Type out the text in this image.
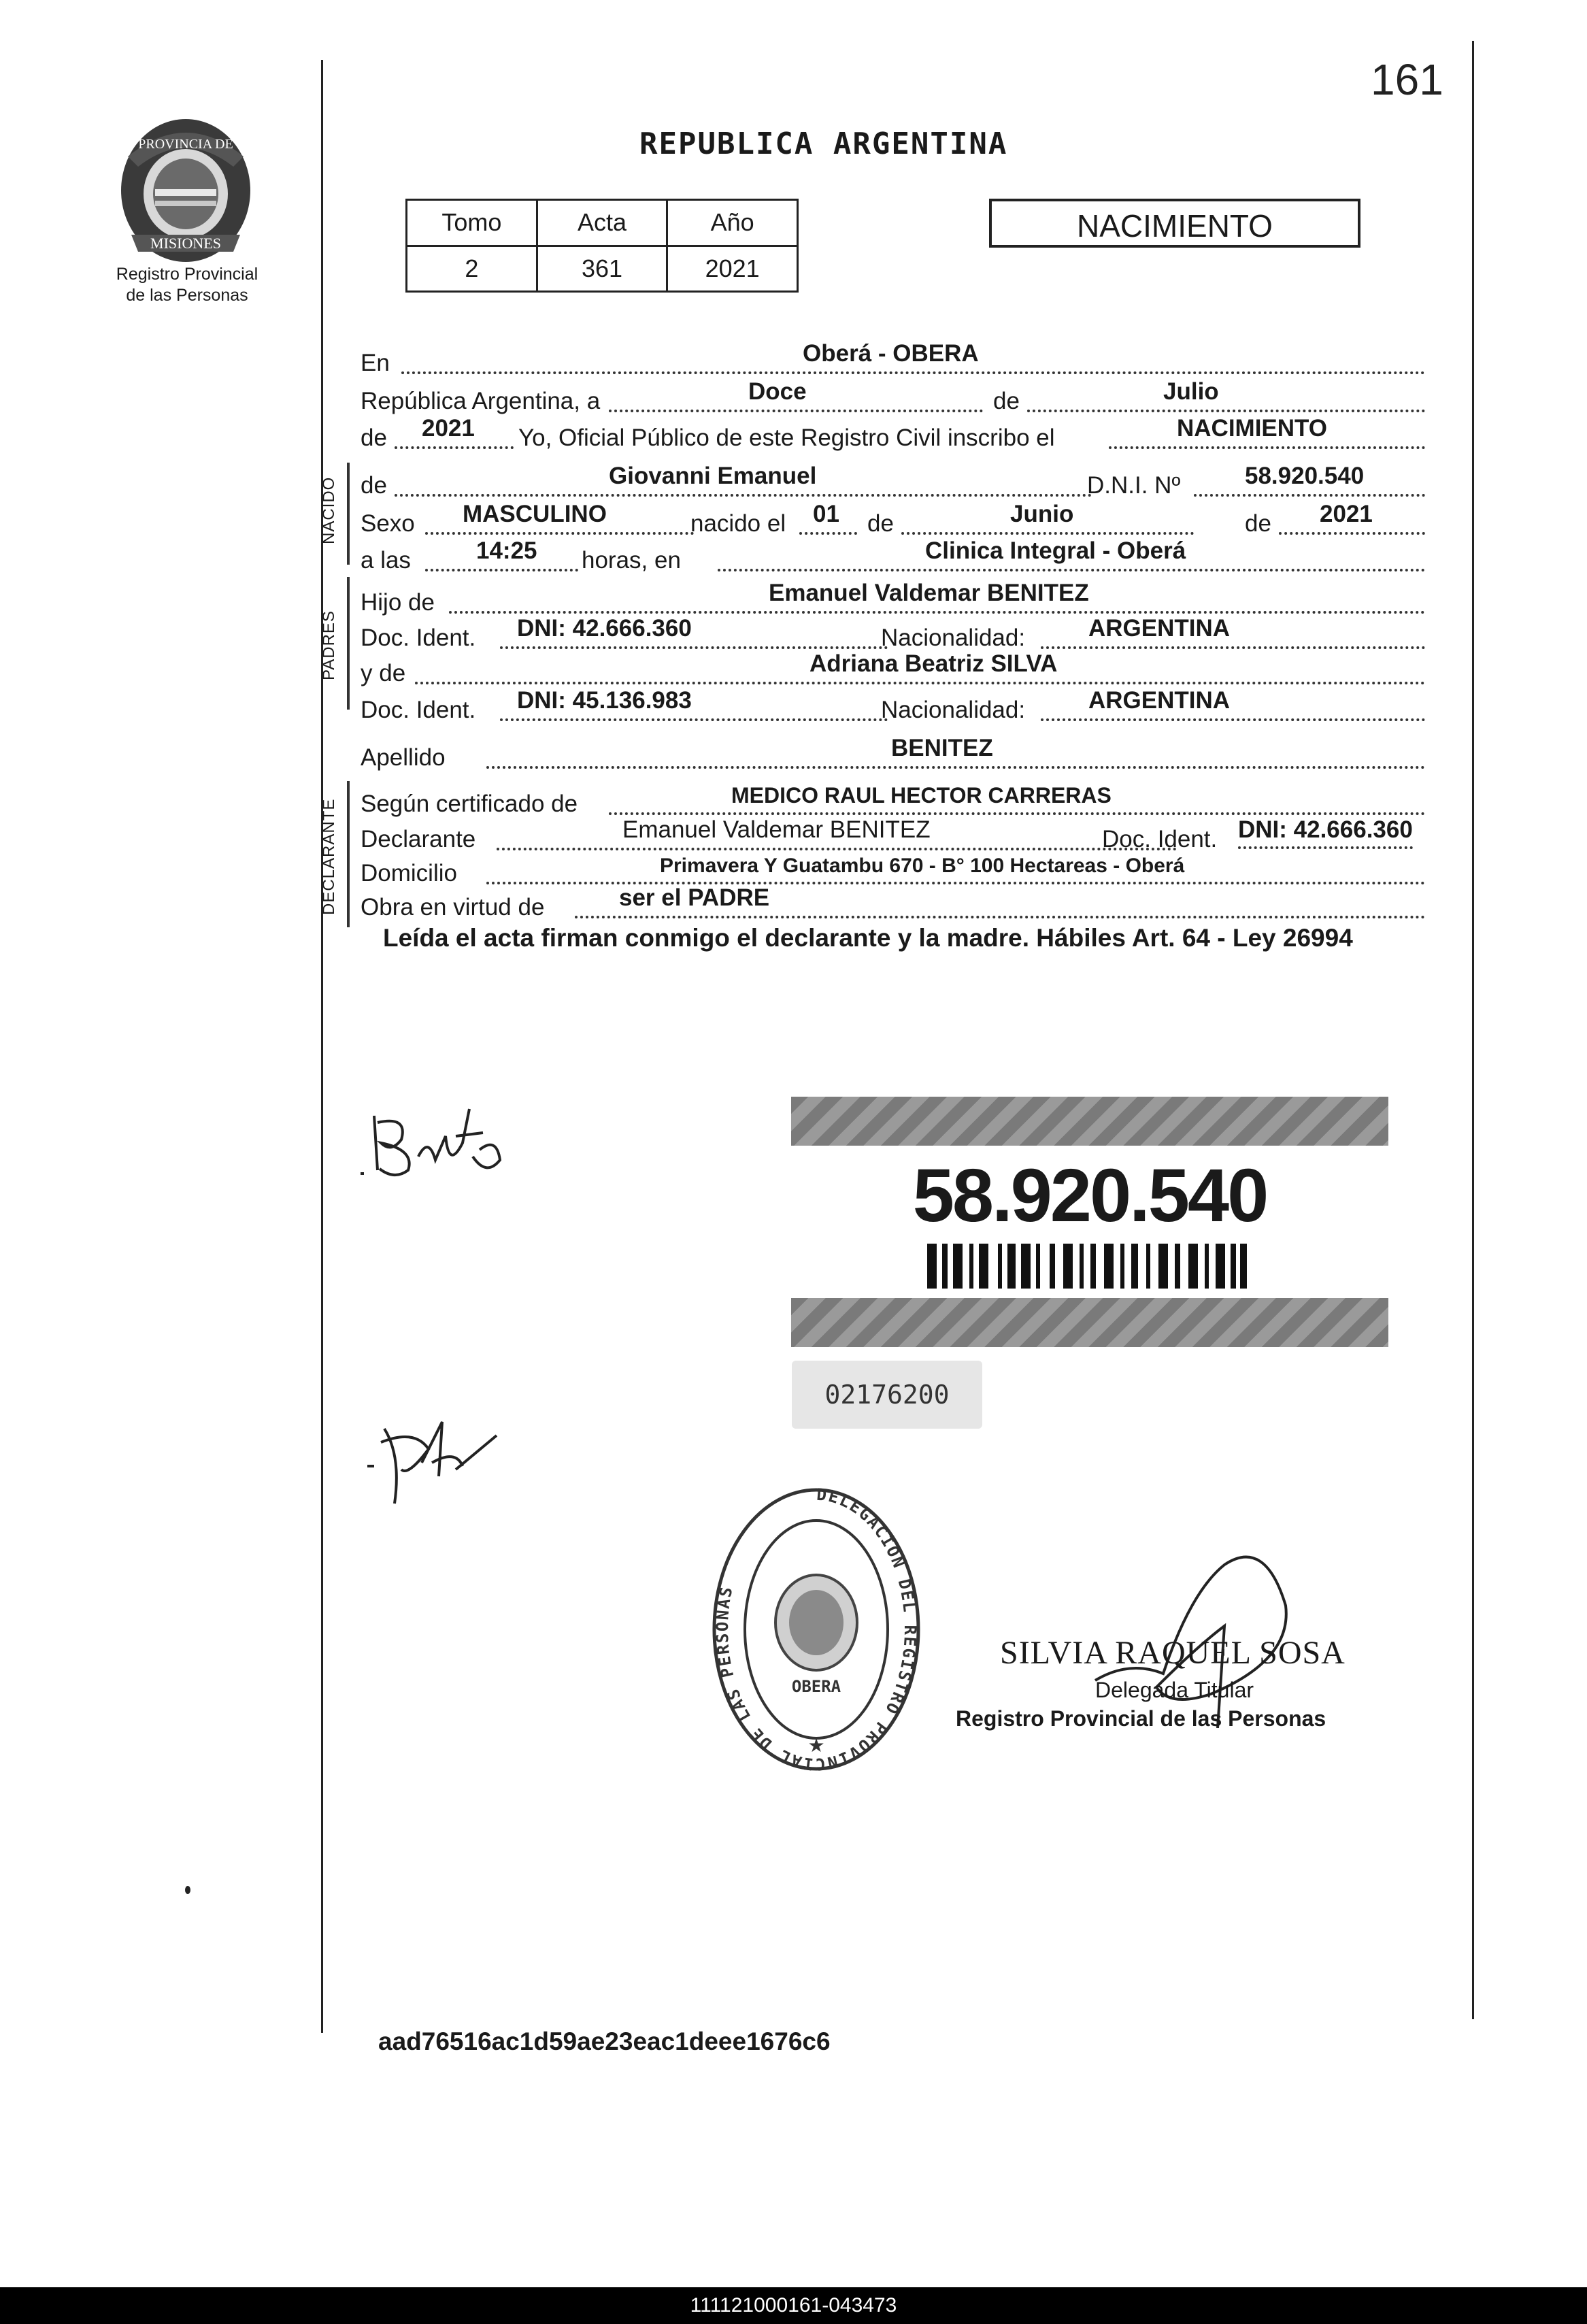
161
PROVINCIA DE
MISIONES
Registro Provincial
de las Personas
REPUBLICA ARGENTINA
Tomo	Acta	Año
2	361	2021
NACIMIENTO
En	Oberá - OBERA
República Argentina, a	Doce	de	Julio
de 2021 Yo, Oficial Público de este Registro Civil inscribo el	NACIMIENTO
NACIDO de	Giovanni Emanuel	D.N.I. Nº	58.920.540
Sexo MASCULINO	nacido el 01 de	Junio	de 2021
a las	14:25 horas, en	Clinica Integral - Oberá
PADRES
Hijo de	Emanuel Valdemar BENITEZ
Doc. Ident. DNI: 42.666.360	Nacionalidad:	ARGENTINA
y de	Adriana Beatriz SILVA
Doc. Ident. DNI: 45.136.983	Nacionalidad:	ARGENTINA
Apellido	BENITEZ
DECLARANTE Según certificado de	MEDICO RAUL HECTOR CARRERAS
Declarante	Emanuel Valdemar BENITEZ	Doc. Ident. DNI: 42.666.360
Domicilio	Primavera Y Guatambu 670 - B° 100 Hectareas - Oberá
Obra en virtud de	ser el PADRE
Leída el acta firman conmigo el declarante y la madre. Hábiles Art. 64 - Ley 26994
58.920.540
02176200
DELEGACION DEL REGISTRO PROVINCIAL DE LAS PERSONAS
OBERA
★
SILVIA RAQUEL SOSA
Delegada Titular
Registro Provincial de las Personas
aad76516ac1d59ae23eac1deee1676c6
111121000161-043473
